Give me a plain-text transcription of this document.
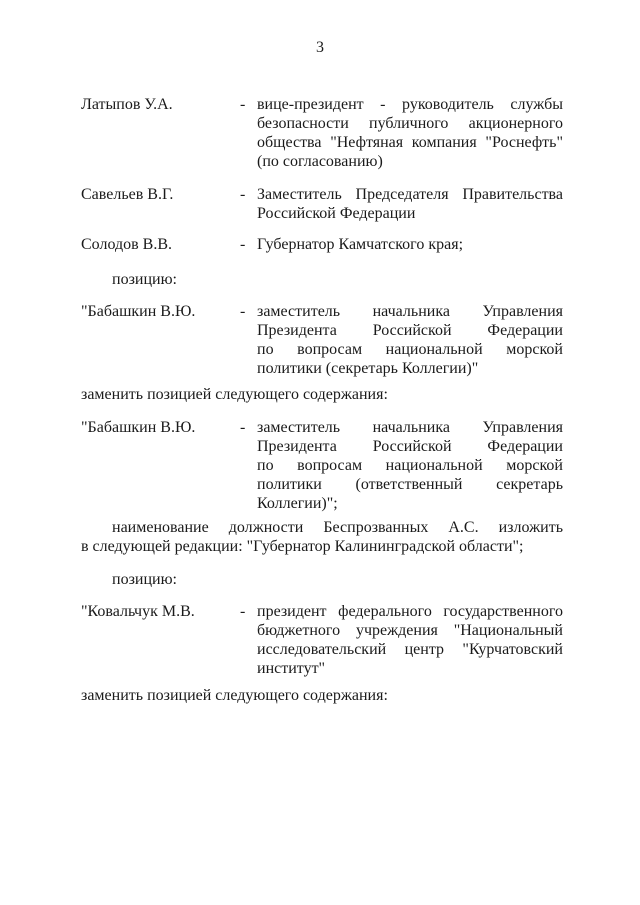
3
Латыпов У.А.	- вице-президент - руководитель службы
безопасности публичного акционерного
общества "Нефтяная компания "Роснефть"
(по согласованию)
Савельев В.Г.	- Заместитель Председателя Правительства
Российской Федерации
Солодов В.В.	- Губернатор Камчатского края;
позицию:
"Бабашкин В.Ю.	- заместитель начальника Управления
Президента Российской Федерации
по вопросам национальной морской
политики (секретарь Коллегии)"
заменить позицией следующего содержания:
"Бабашкин В.Ю.	- заместитель начальника Управления
Президента Российской Федерации
по вопросам национальной морской
политики (ответственный секретарь
Коллегии)";
наименование должности Беспрозванных А.С. изложить
в следующей редакции: "Губернатор Калининградской области";
позицию:
"Ковальчук М.В.	- президент федерального государственного
бюджетного учреждения "Национальный
исследовательский центр "Курчатовский
институт"
заменить позицией следующего содержания:
